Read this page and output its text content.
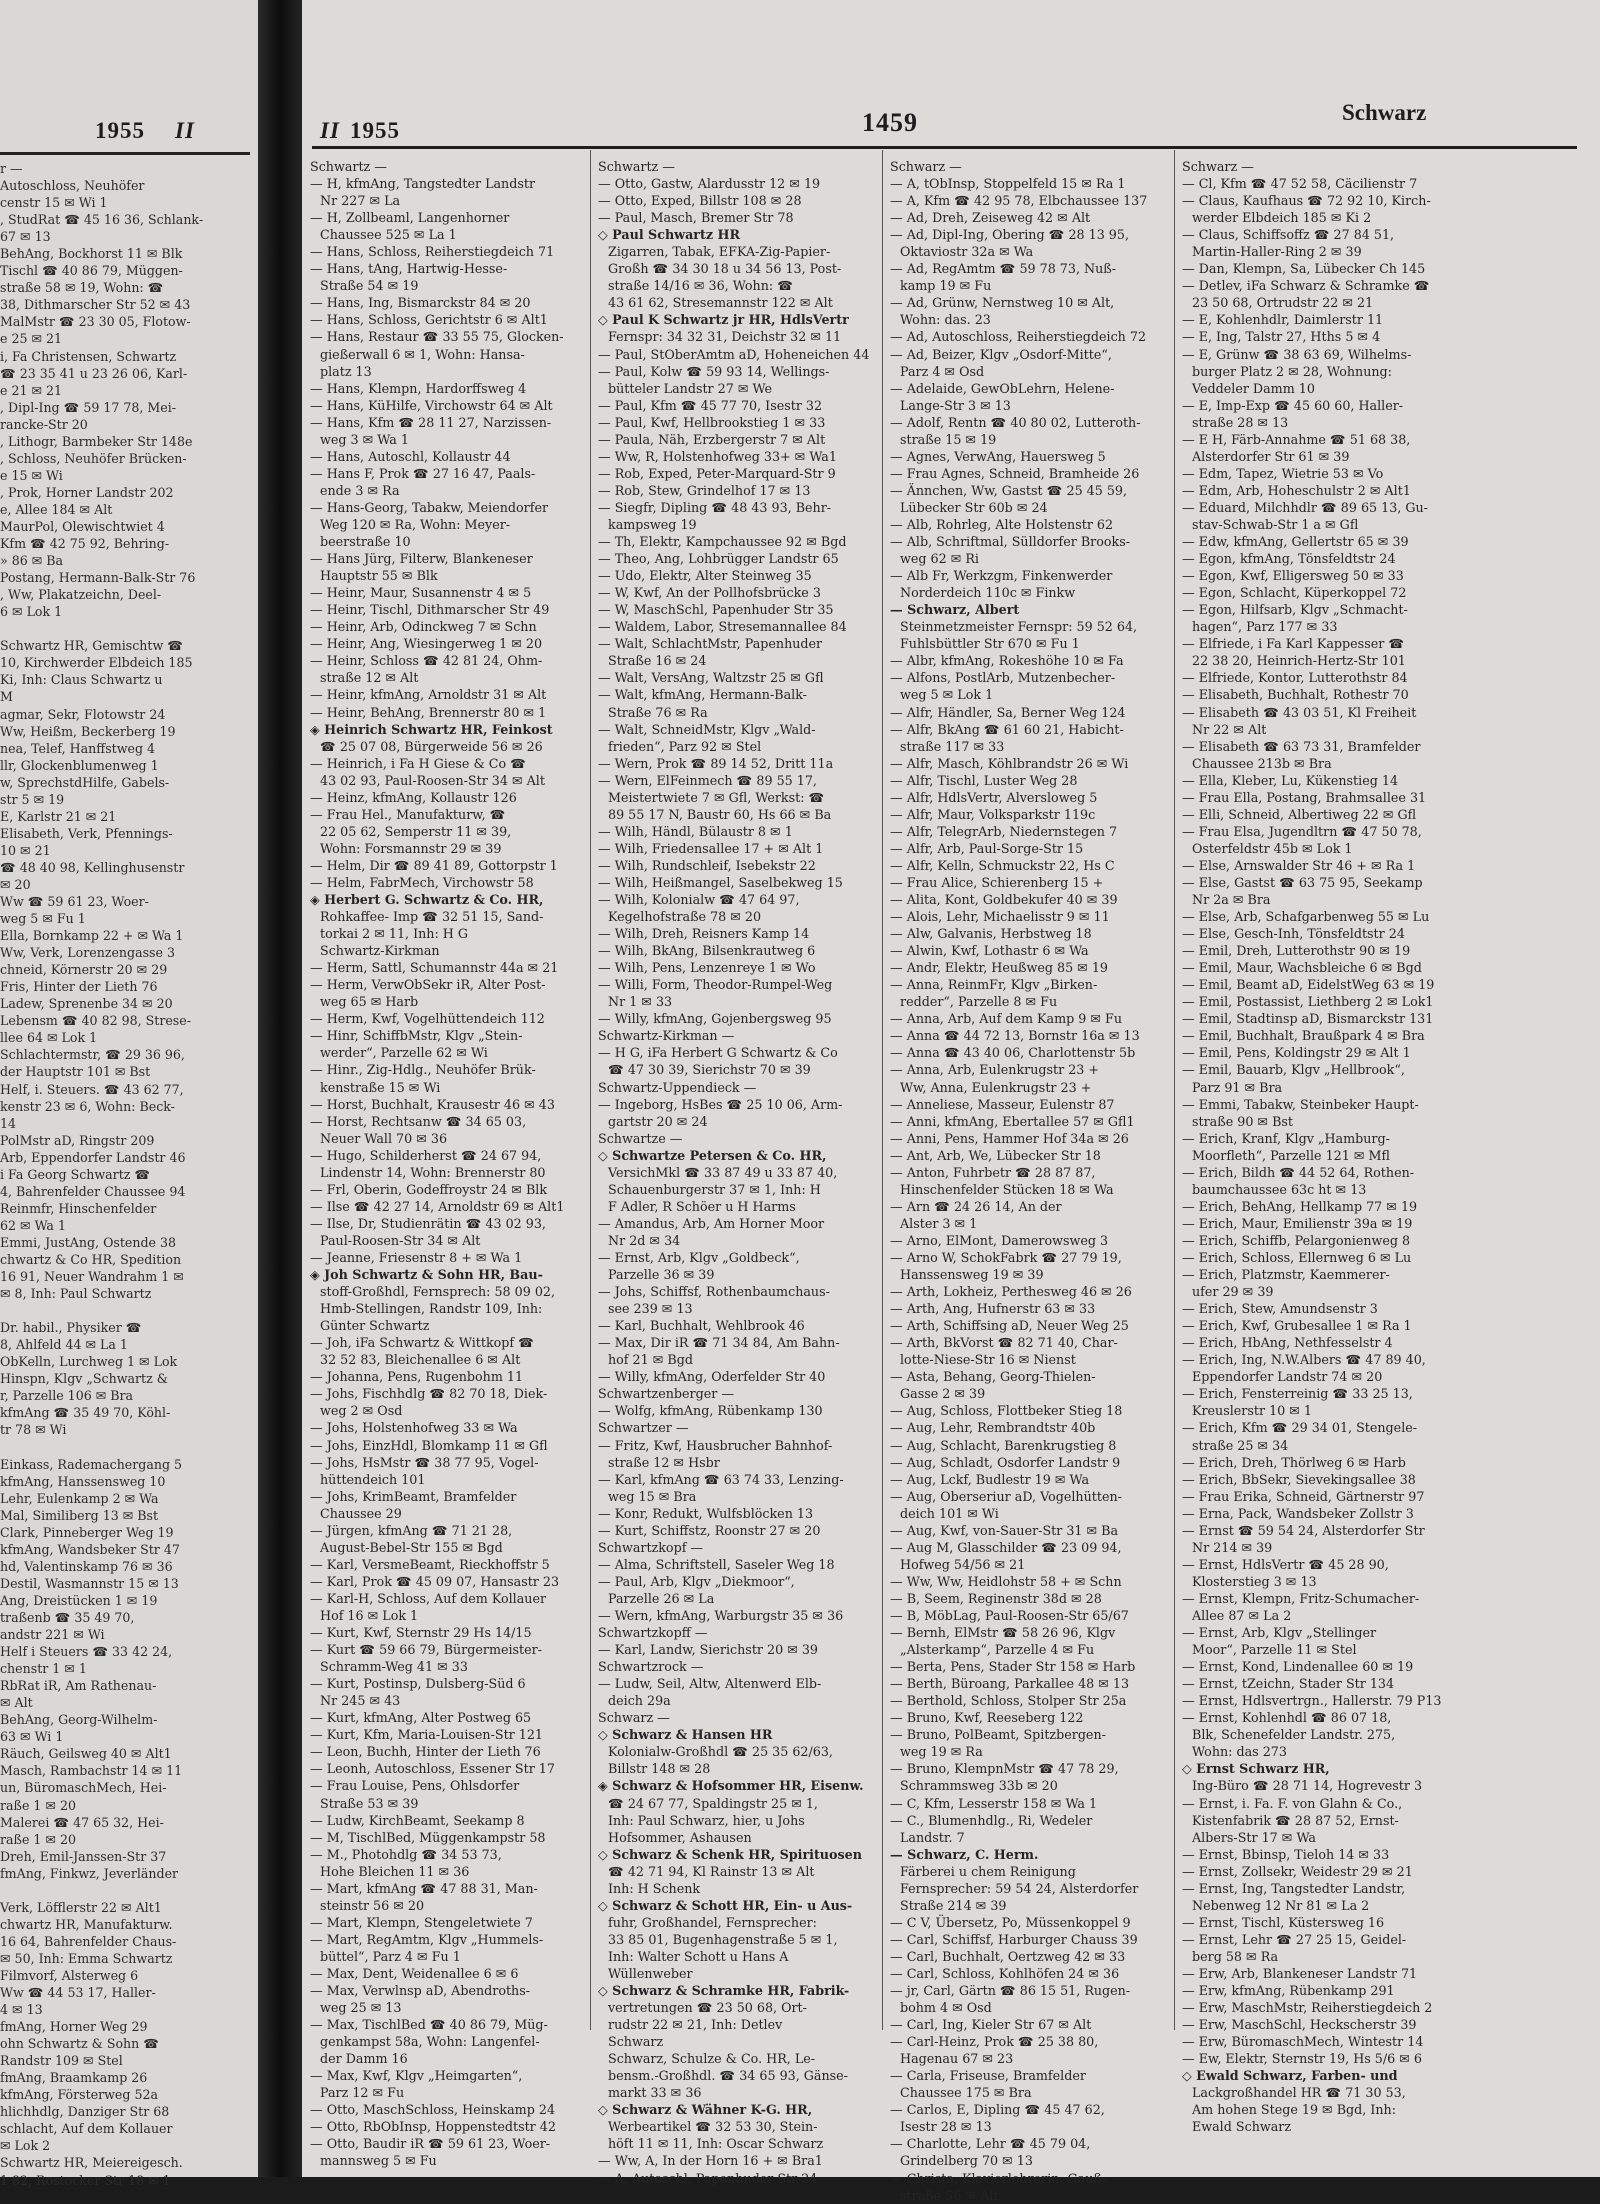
1955 II
r —
Autoschloss, Neuhöfer
censtr 15 ✉ Wi 1
, StudRat ☎ 45 16 36, Schlank-
67 ✉ 13
BehAng, Bockhorst 11 ✉ Blk
Tischl ☎ 40 86 79, Müggen-
straße 58 ✉ 19, Wohn: ☎
38, Dithmarscher Str 52 ✉ 43
MalMstr ☎ 23 30 05, Flotow-
e 25 ✉ 21
i, Fa Christensen, Schwartz
☎ 23 35 41 u 23 26 06, Karl-
e 21 ✉ 21
, Dipl-Ing ☎ 59 17 78, Mei-
rancke-Str 20
, Lithogr, Barmbeker Str 148e
, Schloss, Neuhöfer Brücken-
e 15 ✉ Wi
, Prok, Horner Landstr 202
e, Allee 184 ✉ Alt
MaurPol, Olewischtwiet 4
Kfm ☎ 42 75 92, Behring-
» 86 ✉ Ba
Postang, Hermann-Balk-Str 76
, Ww, Plakatzeichn, Deel-
6 ✉ Lok 1
Schwartz HR, Gemischtw ☎
10, Kirchwerder Elbdeich 185
Ki, Inh: Claus Schwartz u
M
agmar, Sekr, Flotowstr 24
Ww, Heißm, Beckerberg 19
nea, Telef, Hanffstweg 4
llr, Glockenblumenweg 1
w, SprechstdHilfe, Gabels-
str 5 ✉ 19
E, Karlstr 21 ✉ 21
Elisabeth, Verk, Pfennings-
10 ✉ 21
☎ 48 40 98, Kellinghusenstr
✉ 20
Ww ☎ 59 61 23, Woer-
weg 5 ✉ Fu 1
Ella, Bornkamp 22 + ✉ Wa 1
Ww, Verk, Lorenzengasse 3
chneid, Körnerstr 20 ✉ 29
Fris, Hinter der Lieth 76
Ladew, Sprenenbe 34 ✉ 20
Lebensm ☎ 40 82 98, Strese-
llee 64 ✉ Lok 1
Schlachtermstr, ☎ 29 36 96,
der Hauptstr 101 ✉ Bst
Helf, i. Steuers. ☎ 43 62 77,
kenstr 23 ✉ 6, Wohn: Beck-
14
PolMstr aD, Ringstr 209
Arb, Eppendorfer Landstr 46
i Fa Georg Schwartz ☎
4, Bahrenfelder Chaussee 94
Reinmfr, Hinschenfelder
62 ✉ Wa 1
Emmi, JustAng, Ostende 38
chwartz & Co HR, Spedition
16 91, Neuer Wandrahm 1 ✉
✉ 8, Inh: Paul Schwartz
Dr. habil., Physiker ☎
8, Ahlfeld 44 ✉ La 1
ObKelln, Lurchweg 1 ✉ Lok
Hinspn, Klgv „Schwartz &
r, Parzelle 106 ✉ Bra
kfmAng ☎ 35 49 70, Köhl-
tr 78 ✉ Wi
Einkass, Rademachergang 5
kfmAng, Hanssensweg 10
Lehr, Eulenkamp 2 ✉ Wa
Mal, Similiberg 13 ✉ Bst
Clark, Pinneberger Weg 19
kfmAng, Wandsbeker Str 47
hd, Valentinskamp 76 ✉ 36
Destil, Wasmannstr 15 ✉ 13
Ang, Dreistücken 1 ✉ 19
traßenb ☎ 35 49 70,
andstr 221 ✉ Wi
Helf i Steuers ☎ 33 42 24,
chenstr 1 ✉ 1
RbRat iR, Am Rathenau-
✉ Alt
BehAng, Georg-Wilhelm-
63 ✉ Wi 1
Räuch, Geilsweg 40 ✉ Alt1
Masch, Rambachstr 14 ✉ 11
un, BüromaschMech, Hei-
raße 1 ✉ 20
Malerei ☎ 47 65 32, Hei-
raße 1 ✉ 20
Dreh, Emil-Janssen-Str 37
fmAng, Finkwz, Jeverländer
Verk, Löfflerstr 22 ✉ Alt1
chwartz HR, Manufakturw.
16 64, Bahrenfelder Chaus-
✉ 50, Inh: Emma Schwartz
Filmvorf, Alsterweg 6
Ww ☎ 44 53 17, Haller-
4 ✉ 13
fmAng, Horner Weg 29
ohn Schwartz & Sohn ☎
Randstr 109 ✉ Stel
fmAng, Braamkamp 26
kfmAng, Försterweg 52a
hlichhdlg, Danziger Str 68
schlacht, Auf dem Kollauer
✉ Lok 2
Schwartz HR, Meiereigesch.
1 82, Rostocker Str 18 ✉ 1
II 1955	1459	Schwarz
Schwartz —
— H, kfmAng, Tangstedter Landstr
Nr 227 ✉ La
— H, Zollbeaml, Langenhorner
Chaussee 525 ✉ La 1
— Hans, Schloss, Reiherstiegdeich 71
— Hans, tAng, Hartwig-Hesse-
Straße 54 ✉ 19
— Hans, Ing, Bismarckstr 84 ✉ 20
— Hans, Schloss, Gerichtstr 6 ✉ Alt1
— Hans, Restaur ☎ 33 55 75, Glocken-
gießerwall 6 ✉ 1, Wohn: Hansa-
platz 13
— Hans, Klempn, Hardorffsweg 4
— Hans, KüHilfe, Virchowstr 64 ✉ Alt
— Hans, Kfm ☎ 28 11 27, Narzissen-
weg 3 ✉ Wa 1
— Hans, Autoschl, Kollaustr 44
— Hans F, Prok ☎ 27 16 47, Paals-
ende 3 ✉ Ra
— Hans-Georg, Tabakw, Meiendorfer
Weg 120 ✉ Ra, Wohn: Meyer-
beerstraße 10
— Hans Jürg, Filterw, Blankeneser
Hauptstr 55 ✉ Blk
— Heinr, Maur, Susannenstr 4 ✉ 5
— Heinr, Tischl, Dithmarscher Str 49
— Heinr, Arb, Odinckweg 7 ✉ Schn
— Heinr, Ang, Wiesingerweg 1 ✉ 20
— Heinr, Schloss ☎ 42 81 24, Ohm-
straße 12 ✉ Alt
— Heinr, kfmAng, Arnoldstr 31 ✉ Alt
— Heinr, BehAng, Brennerstr 80 ✉ 1
◈ Heinrich Schwartz HR, Feinkost
☎ 25 07 08, Bürgerweide 56 ✉ 26
— Heinrich, i Fa H Giese & Co ☎
43 02 93, Paul-Roosen-Str 34 ✉ Alt
— Heinz, kfmAng, Kollaustr 126
— Frau Hel., Manufakturw, ☎
22 05 62, Semperstr 11 ✉ 39,
Wohn: Forsmannstr 29 ✉ 39
— Helm, Dir ☎ 89 41 89, Gottorpstr 1
— Helm, FabrMech, Virchowstr 58
◈ Herbert G. Schwartz & Co. HR,
Rohkaffee- Imp ☎ 32 51 15, Sand-
torkai 2 ✉ 11, Inh: H G
Schwartz-Kirkman
— Herm, Sattl, Schumannstr 44a ✉ 21
— Herm, VerwObSekr iR, Alter Post-
weg 65 ✉ Harb
— Herm, Kwf, Vogelhüttendeich 112
— Hinr, SchiffbMstr, Klgv „Stein-
werder“, Parzelle 62 ✉ Wi
— Hinr., Zig-Hdlg., Neuhöfer Brük-
kenstraße 15 ✉ Wi
— Horst, Buchhalt, Krausestr 46 ✉ 43
— Horst, Rechtsanw ☎ 34 65 03,
Neuer Wall 70 ✉ 36
— Hugo, Schilderherst ☎ 24 67 94,
Lindenstr 14, Wohn: Brennerstr 80
— Frl, Oberin, Godeffroystr 24 ✉ Blk
— Ilse ☎ 42 27 14, Arnoldstr 69 ✉ Alt1
— Ilse, Dr, Studienrätin ☎ 43 02 93,
Paul-Roosen-Str 34 ✉ Alt
— Jeanne, Friesenstr 8 + ✉ Wa 1
◈ Joh Schwartz & Sohn HR, Bau-
stoff-Großhdl, Fernsprech: 58 09 02,
Hmb-Stellingen, Randstr 109, Inh:
Günter Schwartz
— Joh, iFa Schwartz & Wittkopf ☎
32 52 83, Bleichenallee 6 ✉ Alt
— Johanna, Pens, Rugenbohm 11
— Johs, Fischhdlg ☎ 82 70 18, Diek-
weg 2 ✉ Osd
— Johs, Holstenhofweg 33 ✉ Wa
— Johs, EinzHdl, Blomkamp 11 ✉ Gfl
— Johs, HsMstr ☎ 38 77 95, Vogel-
hüttendeich 101
— Johs, KrimBeamt, Bramfelder
Chaussee 29
— Jürgen, kfmAng ☎ 71 21 28,
August-Bebel-Str 155 ✉ Bgd
— Karl, VersmeBeamt, Rieckhoffstr 5
— Karl, Prok ☎ 45 09 07, Hansastr 23
— Karl-H, Schloss, Auf dem Kollauer
Hof 16 ✉ Lok 1
— Kurt, Kwf, Sternstr 29 Hs 14/15
— Kurt ☎ 59 66 79, Bürgermeister-
Schramm-Weg 41 ✉ 33
— Kurt, Postinsp, Dulsberg-Süd 6
Nr 245 ✉ 43
— Kurt, kfmAng, Alter Postweg 65
— Kurt, Kfm, Maria-Louisen-Str 121
— Leon, Buchh, Hinter der Lieth 76
— Leonh, Autoschloss, Essener Str 17
— Frau Louise, Pens, Ohlsdorfer
Straße 53 ✉ 39
— Ludw, KirchBeamt, Seekamp 8
— M, TischlBed, Müggenkampstr 58
— M., Photohdlg ☎ 34 53 73,
Hohe Bleichen 11 ✉ 36
— Mart, kfmAng ☎ 47 88 31, Man-
steinstr 56 ✉ 20
— Mart, Klempn, Stengeletwiete 7
— Mart, RegAmtm, Klgv „Hummels-
büttel“, Parz 4 ✉ Fu 1
— Max, Dent, Weidenallee 6 ✉ 6
— Max, Verwlnsp aD, Abendroths-
weg 25 ✉ 13
— Max, TischlBed ☎ 40 86 79, Müg-
genkampst 58a, Wohn: Langenfel-
der Damm 16
— Max, Kwf, Klgv „Heimgarten“,
Parz 12 ✉ Fu
— Otto, MaschSchloss, Heinskamp 24
— Otto, RbObInsp, Hoppenstedtstr 42
— Otto, Baudir iR ☎ 59 61 23, Woer-
mannsweg 5 ✉ Fu
Schwartz —
— Otto, Gastw, Alardusstr 12 ✉ 19
— Otto, Exped, Billstr 108 ✉ 28
— Paul, Masch, Bremer Str 78
◇ Paul Schwartz HR
Zigarren, Tabak, EFKA-Zig-Papier-
Großh ☎ 34 30 18 u 34 56 13, Post-
straße 14/16 ✉ 36, Wohn: ☎
43 61 62, Stresemannstr 122 ✉ Alt
◇ Paul K Schwartz jr HR, HdlsVertr
Fernspr: 34 32 31, Deichstr 32 ✉ 11
— Paul, StOberAmtm aD, Hoheneichen 44
— Paul, Kolw ☎ 59 93 14, Wellings-
bütteler Landstr 27 ✉ We
— Paul, Kfm ☎ 45 77 70, Isestr 32
— Paul, Kwf, Hellbrookstieg 1 ✉ 33
— Paula, Näh, Erzbergerstr 7 ✉ Alt
— Ww, R, Holstenhofweg 33+ ✉ Wa1
— Rob, Exped, Peter-Marquard-Str 9
— Rob, Stew, Grindelhof 17 ✉ 13
— Siegfr, Dipling ☎ 48 43 93, Behr-
kampsweg 19
— Th, Elektr, Kampchaussee 92 ✉ Bgd
— Theo, Ang, Lohbrügger Landstr 65
— Udo, Elektr, Alter Steinweg 35
— W, Kwf, An der Pollhofsbrücke 3
— W, MaschSchl, Papenhuder Str 35
— Waldem, Labor, Stresemannallee 84
— Walt, SchlachtMstr, Papenhuder
Straße 16 ✉ 24
— Walt, VersAng, Waltzstr 25 ✉ Gfl
— Walt, kfmAng, Hermann-Balk-
Straße 76 ✉ Ra
— Walt, SchneidMstr, Klgv „Wald-
frieden“, Parz 92 ✉ Stel
— Wern, Prok ☎ 89 14 52, Dritt 11a
— Wern, ElFeinmech ☎ 89 55 17,
Meistertwiete 7 ✉ Gfl, Werkst: ☎
89 55 17 N, Baustr 60, Hs 66 ✉ Ba
— Wilh, Händl, Bülaustr 8 ✉ 1
— Wilh, Friedensallee 17 + ✉ Alt 1
— Wilh, Rundschleif, Isebekstr 22
— Wilh, Heißmangel, Saselbekweg 15
— Wilh, Kolonialw ☎ 47 64 97,
Kegelhofstraße 78 ✉ 20
— Wilh, Dreh, Reisners Kamp 14
— Wilh, BkAng, Bilsenkrautweg 6
— Wilh, Pens, Lenzenreye 1 ✉ Wo
— Willi, Form, Theodor-Rumpel-Weg
Nr 1 ✉ 33
— Willy, kfmAng, Gojenbergsweg 95
Schwartz-Kirkman —
— H G, iFa Herbert G Schwartz & Co
☎ 47 30 39, Sierichstr 70 ✉ 39
Schwartz-Uppendieck —
— Ingeborg, HsBes ☎ 25 10 06, Arm-
gartstr 20 ✉ 24
Schwartze —
◇ Schwartze Petersen & Co. HR,
VersichMkl ☎ 33 87 49 u 33 87 40,
Schauenburgerstr 37 ✉ 1, Inh: H
F Adler, R Schöer u H Harms
— Amandus, Arb, Am Horner Moor
Nr 2d ✉ 34
— Ernst, Arb, Klgv „Goldbeck“,
Parzelle 36 ✉ 39
— Johs, Schiffsf, Rothenbaumchaus-
see 239 ✉ 13
— Karl, Buchhalt, Wehlbrook 46
— Max, Dir iR ☎ 71 34 84, Am Bahn-
hof 21 ✉ Bgd
— Willy, kfmAng, Oderfelder Str 40
Schwartzenberger —
— Wolfg, kfmAng, Rübenkamp 130
Schwartzer —
— Fritz, Kwf, Hausbrucher Bahnhof-
straße 12 ✉ Hsbr
— Karl, kfmAng ☎ 63 74 33, Lenzing-
weg 15 ✉ Bra
— Konr, Redukt, Wulfsblöcken 13
— Kurt, Schiffstz, Roonstr 27 ✉ 20
Schwartzkopf —
— Alma, Schriftstell, Saseler Weg 18
— Paul, Arb, Klgv „Diekmoor“,
Parzelle 26 ✉ La
— Wern, kfmAng, Warburgstr 35 ✉ 36
Schwartzkopff —
— Karl, Landw, Sierichstr 20 ✉ 39
Schwartzrock —
— Ludw, Seil, Altw, Altenwerd Elb-
deich 29a
Schwarz —
◇ Schwarz & Hansen HR
Kolonialw-Großhdl ☎ 25 35 62/63,
Billstr 148 ✉ 28
◈ Schwarz & Hofsommer HR, Eisenw.
☎ 24 67 77, Spaldingstr 25 ✉ 1,
Inh: Paul Schwarz, hier, u Johs
Hofsommer, Ashausen
◇ Schwarz & Schenk HR, Spirituosen
☎ 42 71 94, Kl Rainstr 13 ✉ Alt
Inh: H Schenk
◇ Schwarz & Schott HR, Ein- u Aus-
fuhr, Großhandel, Fernsprecher:
33 85 01, Bugenhagenstraße 5 ✉ 1,
Inh: Walter Schott u Hans A
Wüllenweber
◇ Schwarz & Schramke HR, Fabrik-
vertretungen ☎ 23 50 68, Ort-
rudstr 22 ✉ 21, Inh: Detlev
Schwarz
Schwarz, Schulze & Co. HR, Le-
bensm.-Großhdl. ☎ 34 65 93, Gänse-
markt 33 ✉ 36
◇ Schwarz & Wähner K-G. HR,
Werbeartikel ☎ 32 53 30, Stein-
höft 11 ✉ 11, Inh: Oscar Schwarz
— Ww, A, In der Horn 16 + ✉ Bra1
— A, Autoschl, Papenhuder Str 24
Schwarz —
— A, tObInsp, Stoppelfeld 15 ✉ Ra 1
— A, Kfm ☎ 42 95 78, Elbchaussee 137
— Ad, Dreh, Zeiseweg 42 ✉ Alt
— Ad, Dipl-Ing, Obering ☎ 28 13 95,
Oktaviostr 32a ✉ Wa
— Ad, RegAmtm ☎ 59 78 73, Nuß-
kamp 19 ✉ Fu
— Ad, Grünw, Nernstweg 10 ✉ Alt,
Wohn: das. 23
— Ad, Autoschloss, Reiherstiegdeich 72
— Ad, Beizer, Klgv „Osdorf-Mitte“,
Parz 4 ✉ Osd
— Adelaide, GewObLehrn, Helene-
Lange-Str 3 ✉ 13
— Adolf, Rentn ☎ 40 80 02, Lutteroth-
straße 15 ✉ 19
— Agnes, VerwAng, Hauersweg 5
— Frau Agnes, Schneid, Bramheide 26
— Ännchen, Ww, Gastst ☎ 25 45 59,
Lübecker Str 60b ✉ 24
— Alb, Rohrleg, Alte Holstenstr 62
— Alb, Schriftmal, Sülldorfer Brooks-
weg 62 ✉ Ri
— Alb Fr, Werkzgm, Finkenwerder
Norderdeich 110c ✉ Finkw
— Schwarz, Albert
Steinmetzmeister Fernspr: 59 52 64,
Fuhlsbüttler Str 670 ✉ Fu 1
— Albr, kfmAng, Rokeshöhe 10 ✉ Fa
— Alfons, PostlArb, Mutzenbecher-
weg 5 ✉ Lok 1
— Alfr, Händler, Sa, Berner Weg 124
— Alfr, BkAng ☎ 61 60 21, Habicht-
straße 117 ✉ 33
— Alfr, Masch, Köhlbrandstr 26 ✉ Wi
— Alfr, Tischl, Luster Weg 28
— Alfr, HdlsVertr, Alversloweg 5
— Alfr, Maur, Volksparkstr 119c
— Alfr, TelegrArb, Niedernstegen 7
— Alfr, Arb, Paul-Sorge-Str 15
— Alfr, Kelln, Schmuckstr 22, Hs C
— Frau Alice, Schierenberg 15 +
— Alita, Kont, Goldbekufer 40 ✉ 39
— Alois, Lehr, Michaelisstr 9 ✉ 11
— Alw, Galvanis, Herbstweg 18
— Alwin, Kwf, Lothastr 6 ✉ Wa
— Andr, Elektr, Heußweg 85 ✉ 19
— Anna, ReinmFr, Klgv „Birken-
redder“, Parzelle 8 ✉ Fu
— Anna, Arb, Auf dem Kamp 9 ✉ Fu
— Anna ☎ 44 72 13, Bornstr 16a ✉ 13
— Anna ☎ 43 40 06, Charlottenstr 5b
— Anna, Arb, Eulenkrugstr 23 +
Ww, Anna, Eulenkrugstr 23 +
— Anneliese, Masseur, Eulenstr 87
— Anni, kfmAng, Ebertallee 57 ✉ Gfl1
— Anni, Pens, Hammer Hof 34a ✉ 26
— Ant, Arb, We, Lübecker Str 18
— Anton, Fuhrbetr ☎ 28 87 87,
Hinschenfelder Stücken 18 ✉ Wa
— Arn ☎ 24 26 14, An der
Alster 3 ✉ 1
— Arno, ElMont, Damerowsweg 3
— Arno W, SchokFabrk ☎ 27 79 19,
Hanssensweg 19 ✉ 39
— Arth, Lokheiz, Perthesweg 46 ✉ 26
— Arth, Ang, Hufnerstr 63 ✉ 33
— Arth, Schiffsing aD, Neuer Weg 25
— Arth, BkVorst ☎ 82 71 40, Char-
lotte-Niese-Str 16 ✉ Nienst
— Asta, Behang, Georg-Thielen-
Gasse 2 ✉ 39
— Aug, Schloss, Flottbeker Stieg 18
— Aug, Lehr, Rembrandtstr 40b
— Aug, Schlacht, Barenkrugstieg 8
— Aug, Schladt, Osdorfer Landstr 9
— Aug, Lckf, Budlestr 19 ✉ Wa
— Aug, Oberseriur aD, Vogelhütten-
deich 101 ✉ Wi
— Aug, Kwf, von-Sauer-Str 31 ✉ Ba
— Aug M, Glasschilder ☎ 23 09 94,
Hofweg 54/56 ✉ 21
— Ww, Ww, Heidlohstr 58 + ✉ Schn
— B, Seem, Reginenstr 38d ✉ 28
— B, MöbLag, Paul-Roosen-Str 65/67
— Bernh, ElMstr ☎ 58 26 96, Klgv
„Alsterkamp“, Parzelle 4 ✉ Fu
— Berta, Pens, Stader Str 158 ✉ Harb
— Berth, Büroang, Parkallee 48 ✉ 13
— Berthold, Schloss, Stolper Str 25a
— Bruno, Kwf, Reeseberg 122
— Bruno, PolBeamt, Spitzbergen-
weg 19 ✉ Ra
— Bruno, KlempnMstr ☎ 47 78 29,
Schrammsweg 33b ✉ 20
— C, Kfm, Lesserstr 158 ✉ Wa 1
— C., Blumenhdlg., Ri, Wedeler
Landstr. 7
— Schwarz, C. Herm.
Färberei u chem Reinigung
Fernsprecher: 59 54 24, Alsterdorfer
Straße 214 ✉ 39
— C V, Übersetz, Po, Müssenkoppel 9
— Carl, Schiffsf, Harburger Chauss 39
— Carl, Buchhalt, Oertzweg 42 ✉ 33
— Carl, Schloss, Kohlhöfen 24 ✉ 36
— jr, Carl, Gärtn ☎ 86 15 51, Rugen-
bohm 4 ✉ Osd
— Carl, Ing, Kieler Str 67 ✉ Alt
— Carl-Heinz, Prok ☎ 25 38 80,
Hagenau 67 ✉ 23
— Carla, Friseuse, Bramfelder
Chaussee 175 ✉ Bra
— Carlos, E, Dipling ☎ 45 47 62,
Isestr 28 ✉ 13
— Charlotte, Lehr ☎ 45 79 04,
Grindelberg 70 ✉ 13
— Christa, Klavierlehrerin, Gauß-
straße 56 ✉ Alt
Schwarz —
— Cl, Kfm ☎ 47 52 58, Cäcilienstr 7
— Claus, Kaufhaus ☎ 72 92 10, Kirch-
werder Elbdeich 185 ✉ Ki 2
— Claus, Schiffsoffz ☎ 27 84 51,
Martin-Haller-Ring 2 ✉ 39
— Dan, Klempn, Sa, Lübecker Ch 145
— Detlev, iFa Schwarz & Schramke ☎
23 50 68, Ortrudstr 22 ✉ 21
— E, Kohlenhdlr, Daimlerstr 11
— E, Ing, Talstr 27, Hths 5 ✉ 4
— E, Grünw ☎ 38 63 69, Wilhelms-
burger Platz 2 ✉ 28, Wohnung:
Veddeler Damm 10
— E, Imp-Exp ☎ 45 60 60, Haller-
straße 28 ✉ 13
— E H, Färb-Annahme ☎ 51 68 38,
Alsterdorfer Str 61 ✉ 39
— Edm, Tapez, Wietrie 53 ✉ Vo
— Edm, Arb, Hoheschulstr 2 ✉ Alt1
— Eduard, Milchhdlr ☎ 89 65 13, Gu-
stav-Schwab-Str 1 a ✉ Gfl
— Edw, kfmAng, Gellertstr 65 ✉ 39
— Egon, kfmAng, Tönsfeldtstr 24
— Egon, Kwf, Elligersweg 50 ✉ 33
— Egon, Schlacht, Küperkoppel 72
— Egon, Hilfsarb, Klgv „Schmacht-
hagen“, Parz 177 ✉ 33
— Elfriede, i Fa Karl Kappesser ☎
22 38 20, Heinrich-Hertz-Str 101
— Elfriede, Kontor, Lutterothstr 84
— Elisabeth, Buchhalt, Rothestr 70
— Elisabeth ☎ 43 03 51, Kl Freiheit
Nr 22 ✉ Alt
— Elisabeth ☎ 63 73 31, Bramfelder
Chaussee 213b ✉ Bra
— Ella, Kleber, Lu, Kükenstieg 14
— Frau Ella, Postang, Brahmsallee 31
— Elli, Schneid, Albertiweg 22 ✉ Gfl
— Frau Elsa, Jugendltrn ☎ 47 50 78,
Osterfeldstr 45b ✉ Lok 1
— Else, Arnswalder Str 46 + ✉ Ra 1
— Else, Gastst ☎ 63 75 95, Seekamp
Nr 2a ✉ Bra
— Else, Arb, Schafgarbenweg 55 ✉ Lu
— Else, Gesch-Inh, Tönsfeldtstr 24
— Emil, Dreh, Lutterothstr 90 ✉ 19
— Emil, Maur, Wachsbleiche 6 ✉ Bgd
— Emil, Beamt aD, EidelstWeg 63 ✉ 19
— Emil, Postassist, Liethberg 2 ✉ Lok1
— Emil, Stadtinsp aD, Bismarckstr 131
— Emil, Buchhalt, Braußpark 4 ✉ Bra
— Emil, Pens, Koldingstr 29 ✉ Alt 1
— Emil, Bauarb, Klgv „Hellbrook“,
Parz 91 ✉ Bra
— Emmi, Tabakw, Steinbeker Haupt-
straße 90 ✉ Bst
— Erich, Kranf, Klgv „Hamburg-
Moorfleth“, Parzelle 121 ✉ Mfl
— Erich, Bildh ☎ 44 52 64, Rothen-
baumchaussee 63c ht ✉ 13
— Erich, BehAng, Hellkamp 77 ✉ 19
— Erich, Maur, Emilienstr 39a ✉ 19
— Erich, Schiffb, Pelargonienweg 8
— Erich, Schloss, Ellernweg 6 ✉ Lu
— Erich, Platzmstr, Kaemmerer-
ufer 29 ✉ 39
— Erich, Stew, Amundsenstr 3
— Erich, Kwf, Grubesallee 1 ✉ Ra 1
— Erich, HbAng, Nethfesselstr 4
— Erich, Ing, N.W.Albers ☎ 47 89 40,
Eppendorfer Landstr 74 ✉ 20
— Erich, Fensterreinig ☎ 33 25 13,
Kreuslerstr 10 ✉ 1
— Erich, Kfm ☎ 29 34 01, Stengele-
straße 25 ✉ 34
— Erich, Dreh, Thörlweg 6 ✉ Harb
— Erich, BbSekr, Sievekingsallee 38
— Frau Erika, Schneid, Gärtnerstr 97
— Erna, Pack, Wandsbeker Zollstr 3
— Ernst ☎ 59 54 24, Alsterdorfer Str
Nr 214 ✉ 39
— Ernst, HdlsVertr ☎ 45 28 90,
Klosterstieg 3 ✉ 13
— Ernst, Klempn, Fritz-Schumacher-
Allee 87 ✉ La 2
— Ernst, Arb, Klgv „Stellinger
Moor“, Parzelle 11 ✉ Stel
— Ernst, Kond, Lindenallee 60 ✉ 19
— Ernst, tZeichn, Stader Str 134
— Ernst, Hdlsvertrgn., Hallerstr. 79 P13
— Ernst, Kohlenhdl ☎ 86 07 18,
Blk, Schenefelder Landstr. 275,
Wohn: das 273
◇ Ernst Schwarz HR,
Ing-Büro ☎ 28 71 14, Hogrevestr 3
— Ernst, i. Fa. F. von Glahn & Co.,
Kistenfabrik ☎ 28 87 52, Ernst-
Albers-Str 17 ✉ Wa
— Ernst, Bbinsp, Tieloh 14 ✉ 33
— Ernst, Zollsekr, Weidestr 29 ✉ 21
— Ernst, Ing, Tangstedter Landstr,
Nebenweg 12 Nr 81 ✉ La 2
— Ernst, Tischl, Küstersweg 16
— Ernst, Lehr ☎ 27 25 15, Geidel-
berg 58 ✉ Ra
— Erw, Arb, Blankeneser Landstr 71
— Erw, kfmAng, Rübenkamp 291
— Erw, MaschMstr, Reiherstiegdeich 2
— Erw, MaschSchl, Heckscherstr 39
— Erw, BüromaschMech, Wintestr 14
— Ew, Elektr, Sternstr 19, Hs 5/6 ✉ 6
◇ Ewald Schwarz, Farben- und
Lackgroßhandel HR ☎ 71 30 53,
Am hohen Stege 19 ✉ Bgd, Inh:
Ewald Schwarz
